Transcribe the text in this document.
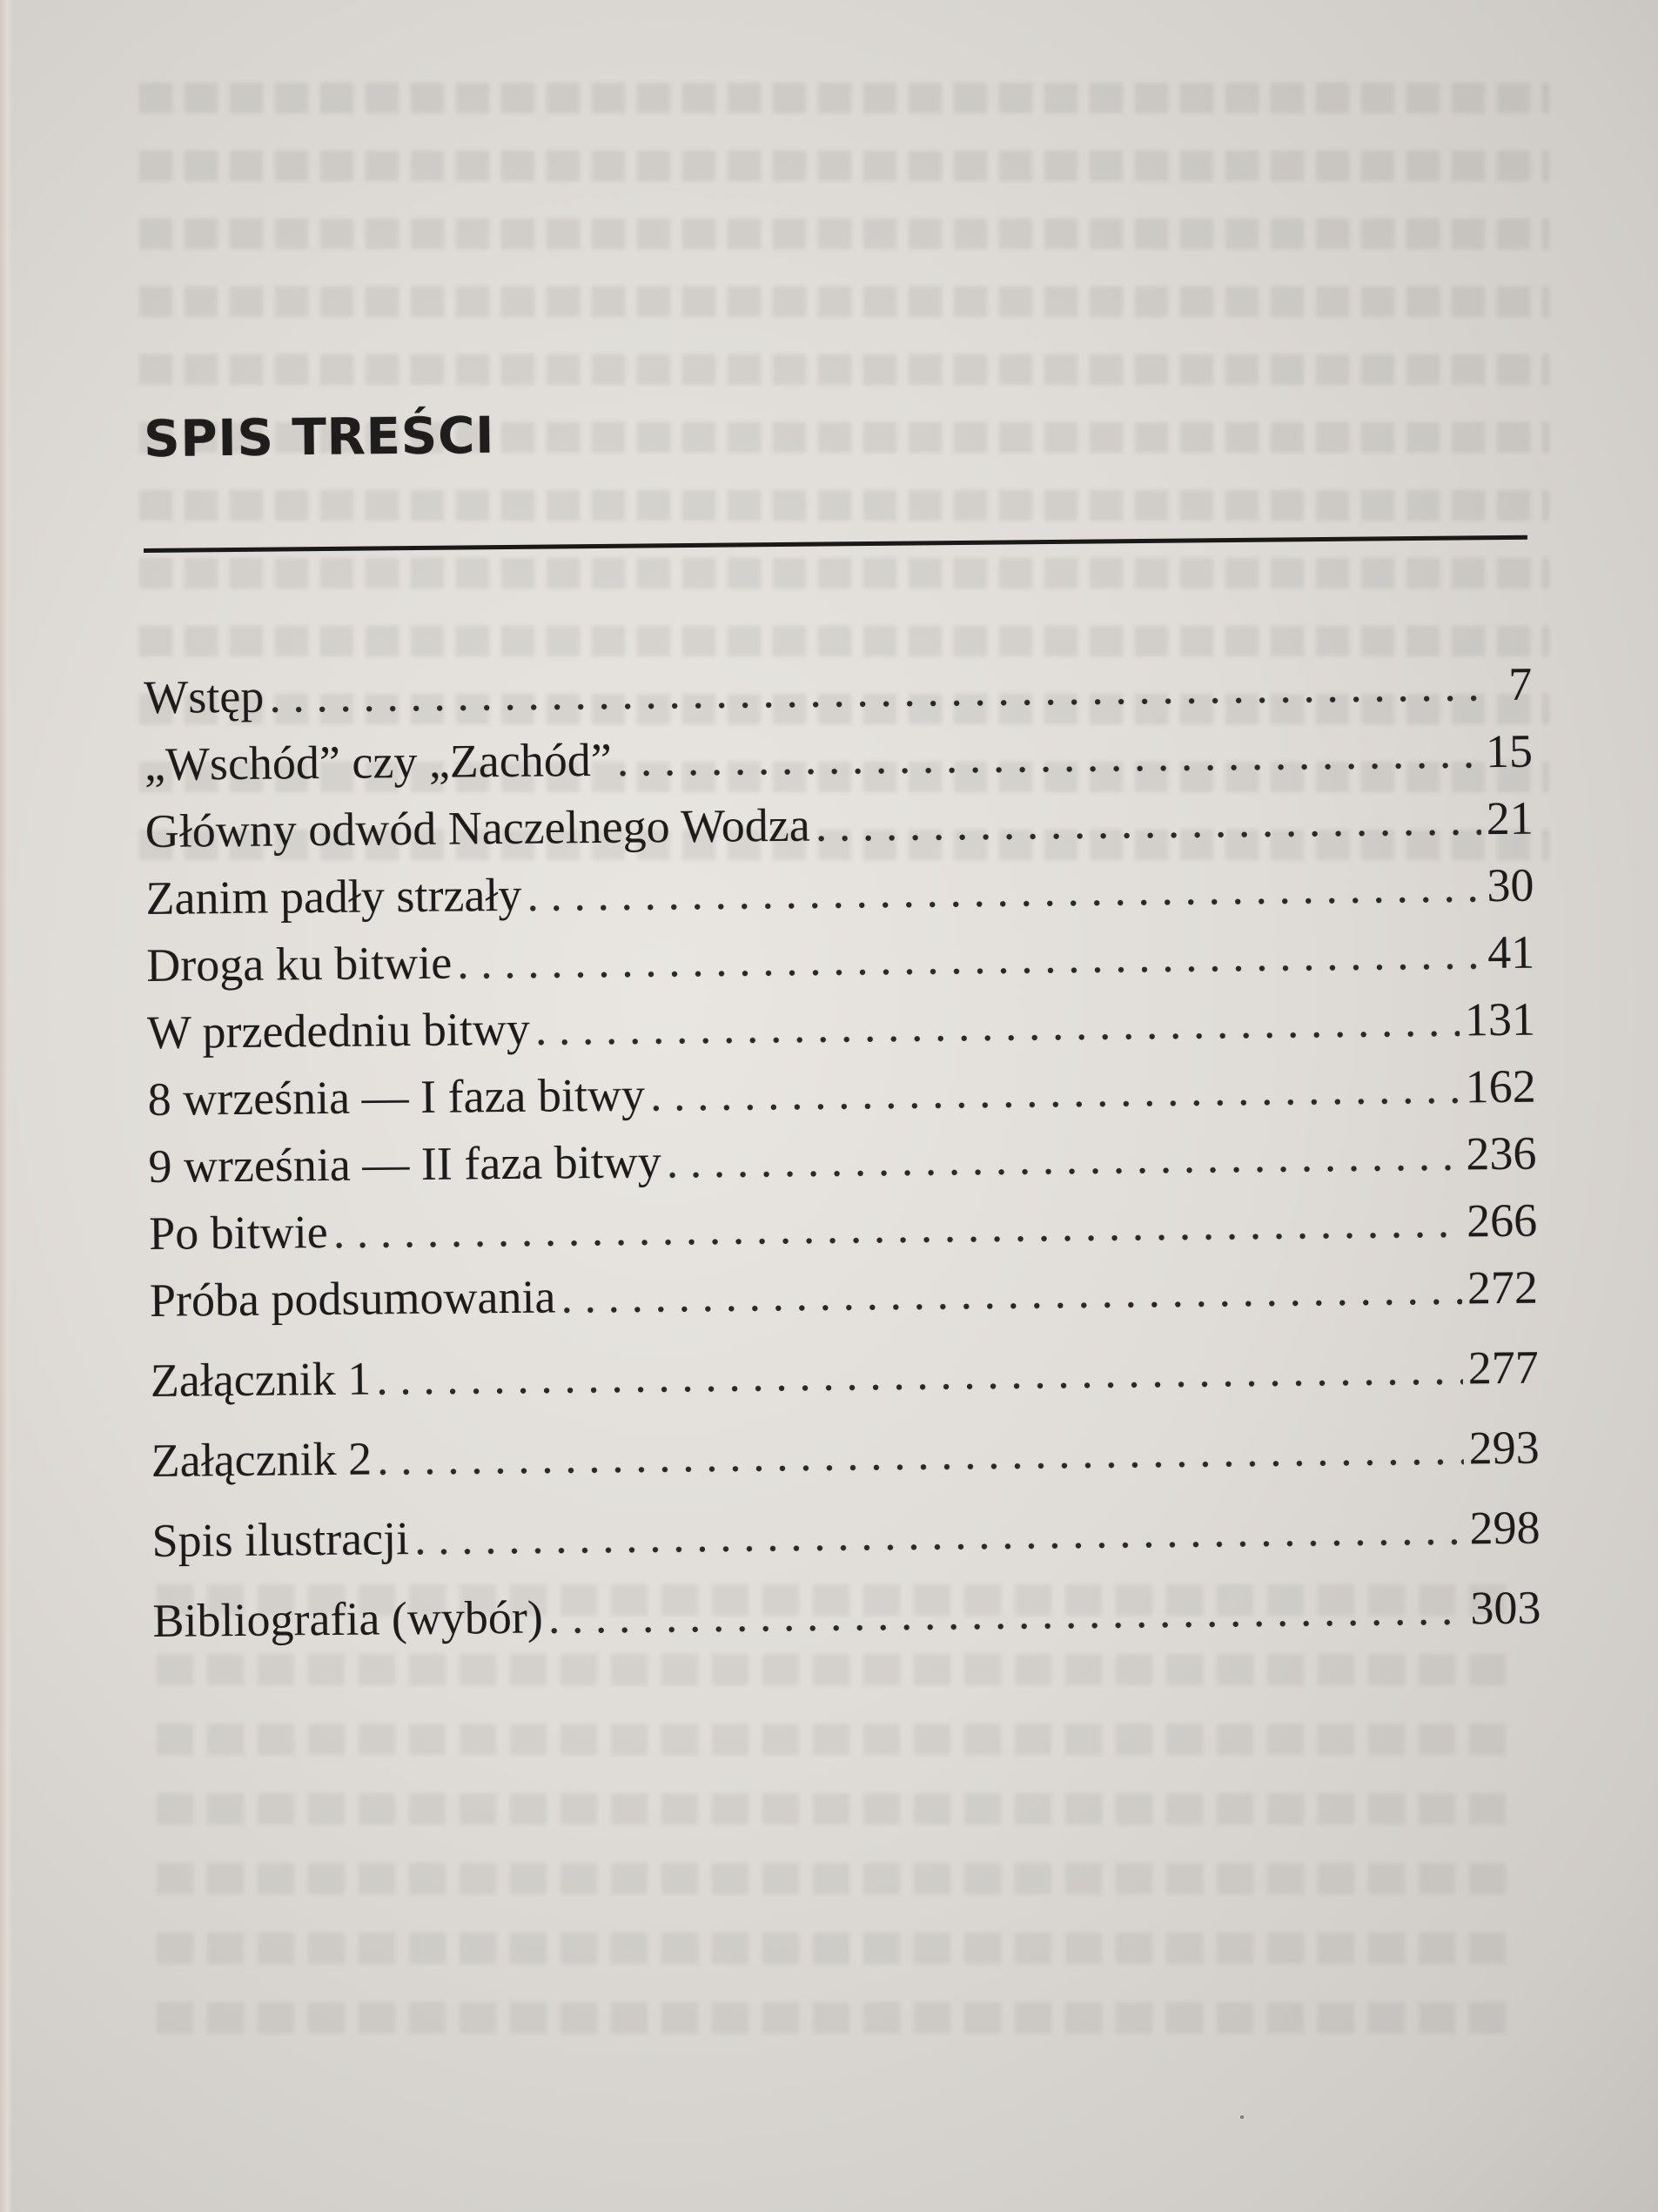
SPIS TREŚCI
Wstęp . . .	7
„Wschód” czy „Zachód” . . .	15
Główny odwód Naczelnego Wodza . . .	21
Zanim padły strzały . . .	30
Droga ku bitwie . . .	41
W przededniu bitwy . . .	131
8 września — I faza bitwy . . .	162
9 września — II faza bitwy . . .	236
Po bitwie . . .	266
Próba podsumowania . . .	272
Załącznik 1 . . .	277
Załącznik 2 . . .	293
Spis ilustracji . . .	298
Bibliografia (wybór) . . .	303
